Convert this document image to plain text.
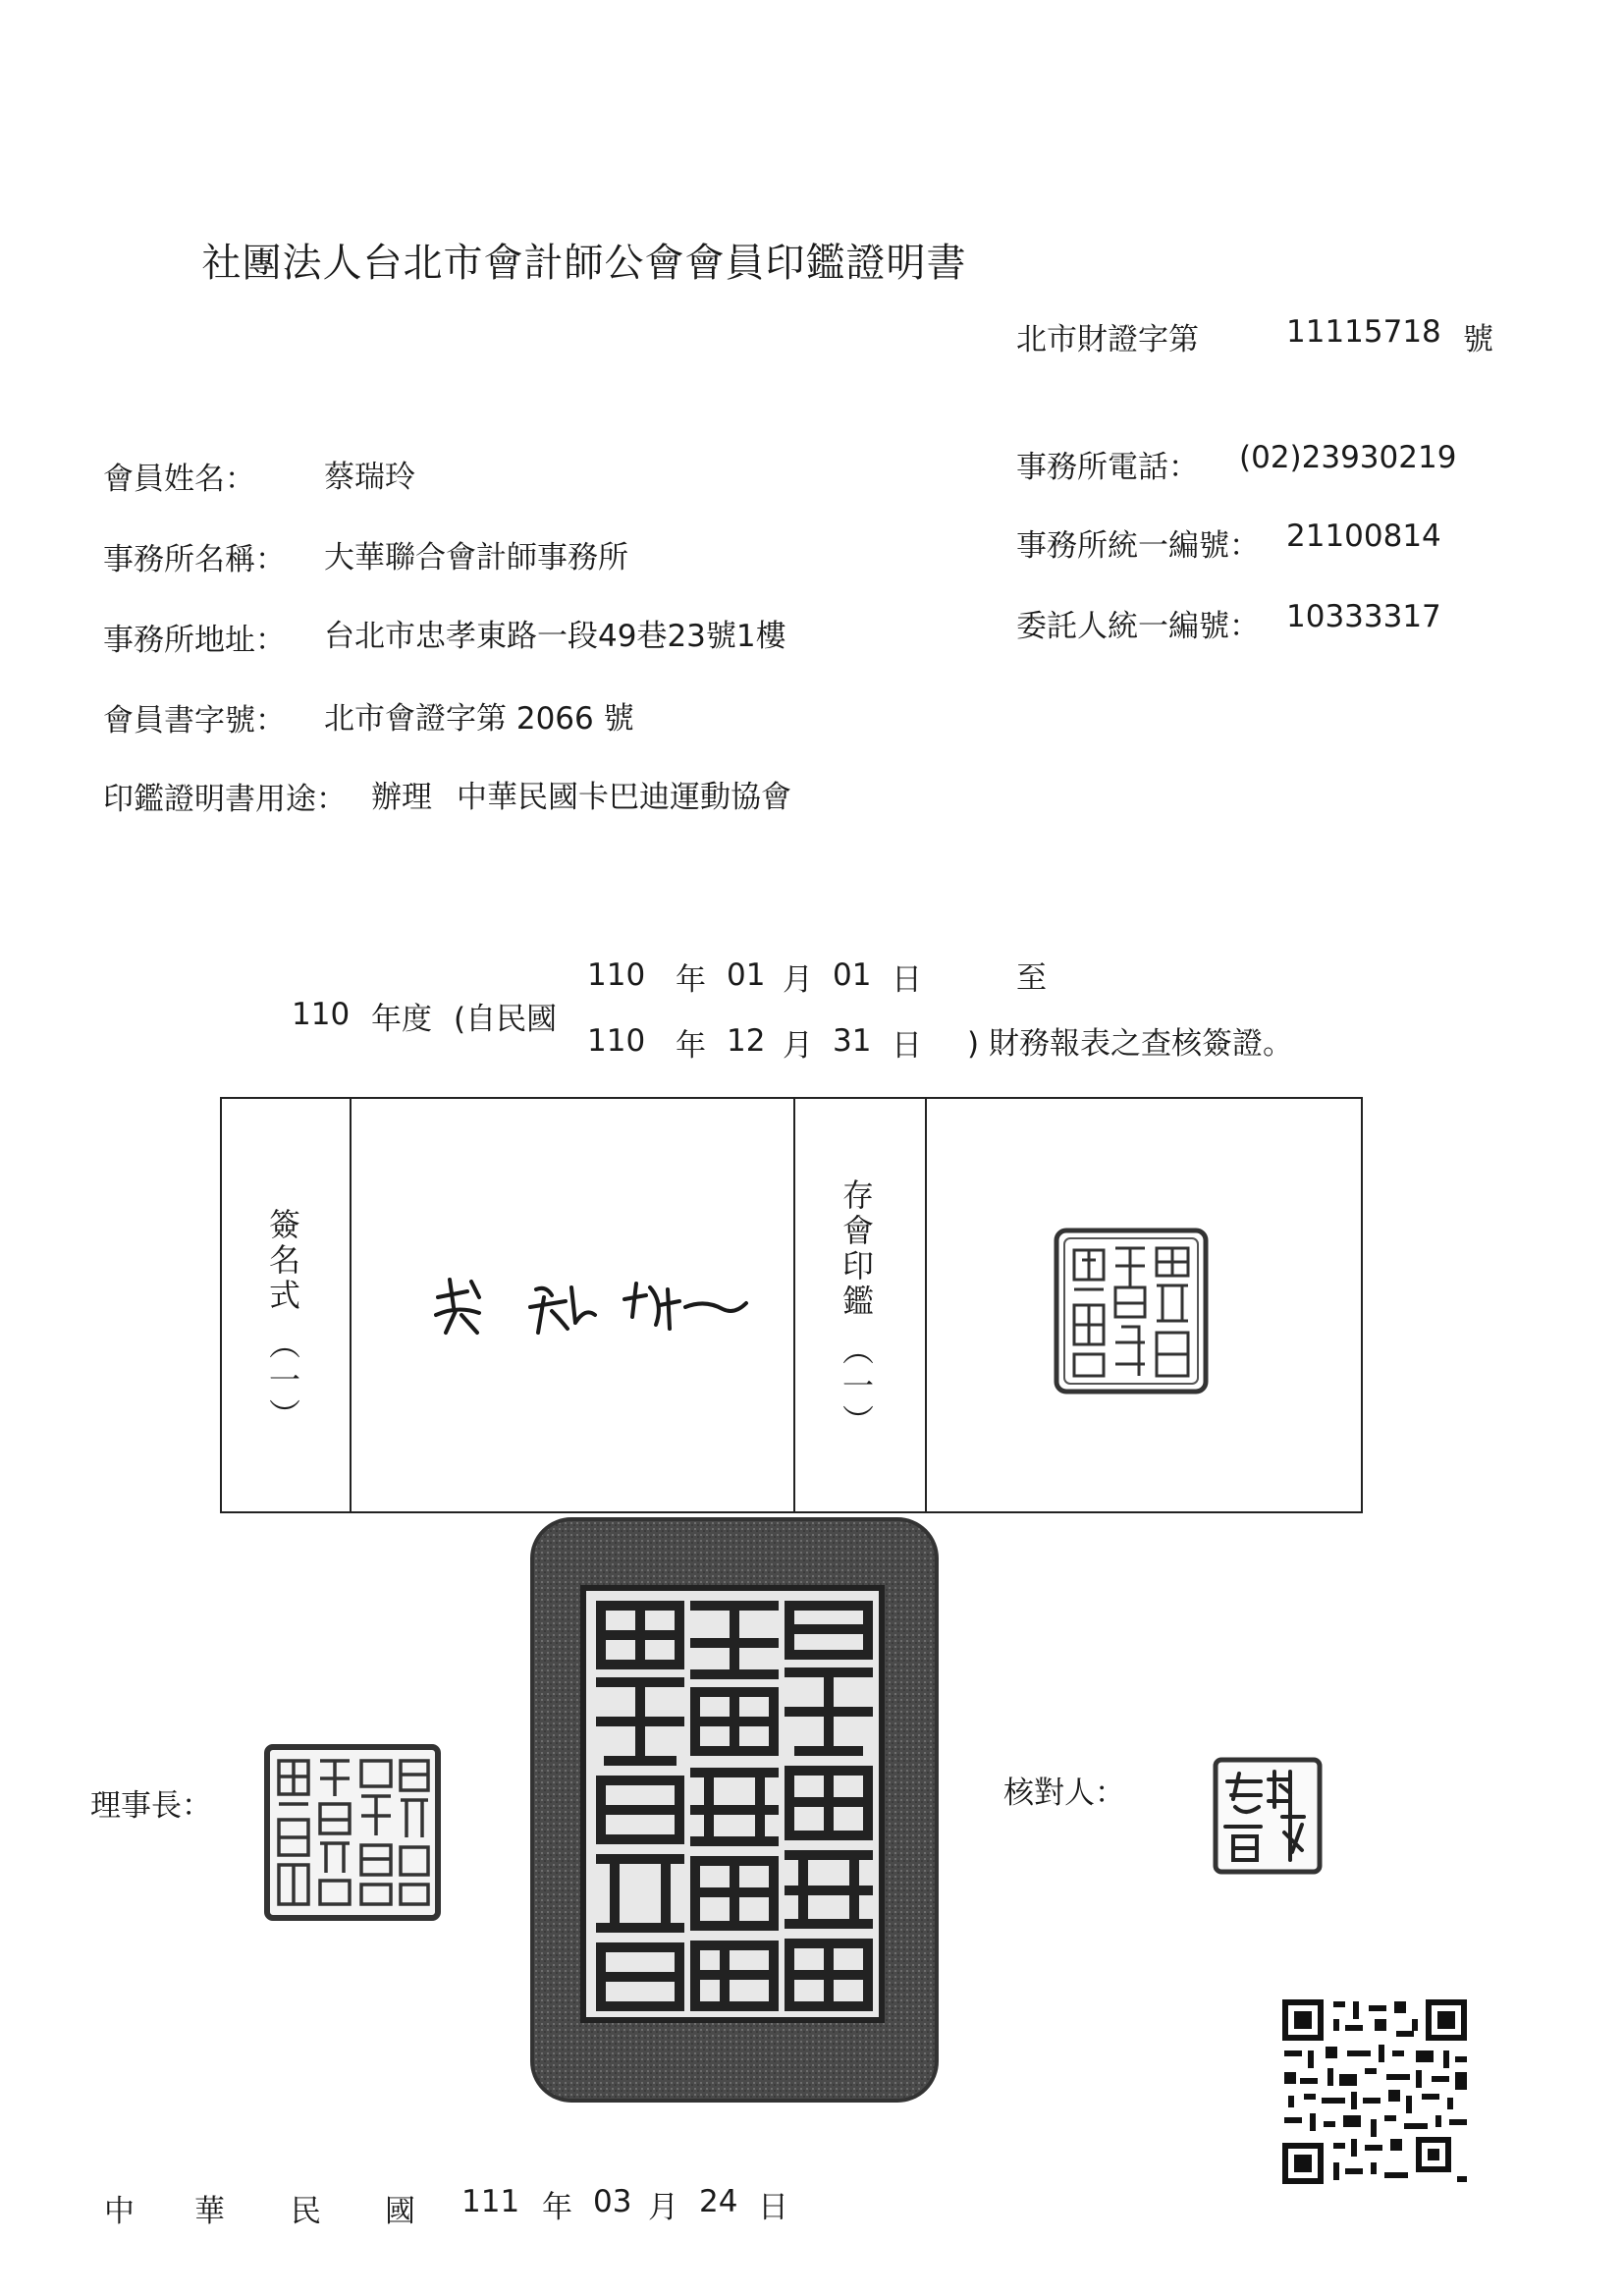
社團法人台北市會計師公會會員印鑑證明書
北市財證字第	11115718 號
會員姓名： 蔡瑞玲
事務所名稱： 大華聯合會計師事務所
事務所地址： 台北市忠孝東路一段49巷23號1樓
會員書字號： 北市會證字第 2066 號
印鑑證明書用途： 辦理 中華民國卡巴迪運動協會
事務所電話： (02)23930219
事務所統一編號： 21100814
委託人統一編號： 10333317
110 年 01 月 01 日	至
110 年度 (自民國
110 年 12 月 31 日 ) 財務報表之查核簽證。
簽
名
式
︵
一
︶
存
會
印
鑑
︵
一
︶
理事長：	核對人：
中 華 民 國 111 年 03 月 24 日
